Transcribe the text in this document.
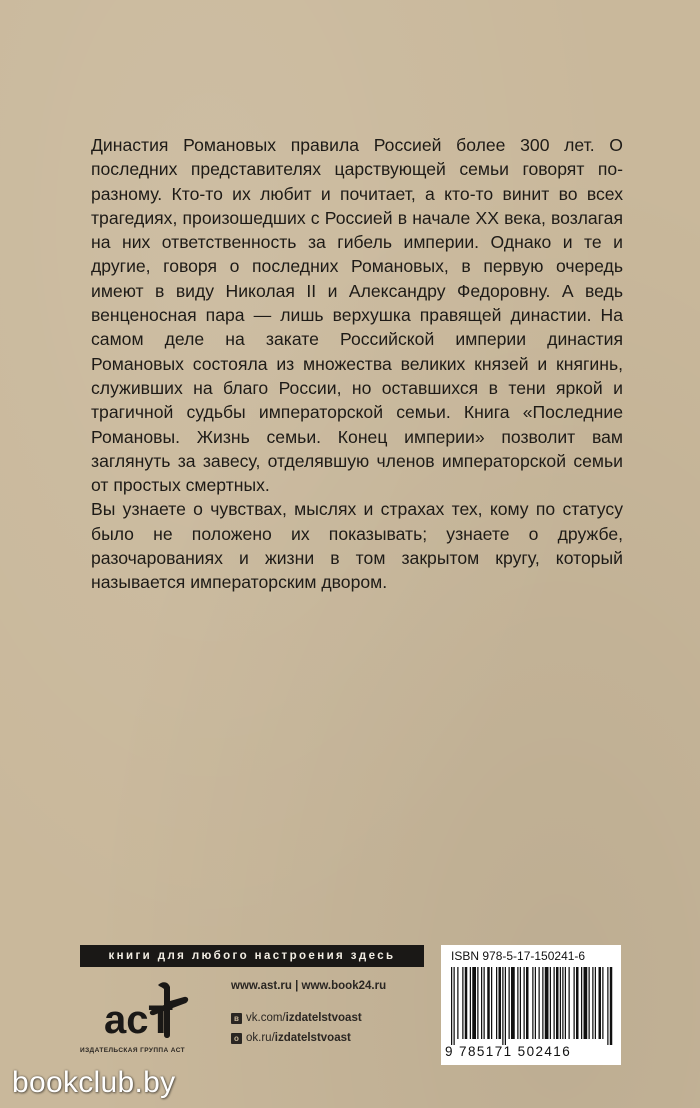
Династия Романовых правила Россией более 300 лет. О последних представителях царствующей семьи говорят по-разному. Кто-то их любит и почитает, а кто-то винит во всех трагедиях, произошедших с Россией в начале XX века, возлагая на них ответственность за гибель империи. Однако и те и другие, говоря о последних Романовых, в первую очередь имеют в виду Николая II и Александру Федоровну. А ведь венценосная пара — лишь верхушка правящей династии. На самом деле на закате Российской империи династия Романовых состояла из множества великих князей и княгинь, служивших на благо России, но оставшихся в тени яркой и трагичной судьбы императорской семьи. Книга «Последние Романовы. Жизнь семьи. Конец империи» позволит вам заглянуть за завесу, отделявшую членов императорской семьи от простых смертных.

Вы узнаете о чувствах, мыслях и страхах тех, кому по статусу было не положено их показывать; узнаете о дружбе, разочарованиях и жизни в том закрытом кругу, который называется императорским двором.

книги для любого настроения здесь
acT
ИЗДАТЕЛЬСКАЯ ГРУППА АСТ
www.ast.ru | www.book24.ru
в vk.com/ izdatelstvoast
о ok.ru/ izdatelstvoast
ISBN 978-5-17-150241-6
9 785171 502416
bookclub.by
